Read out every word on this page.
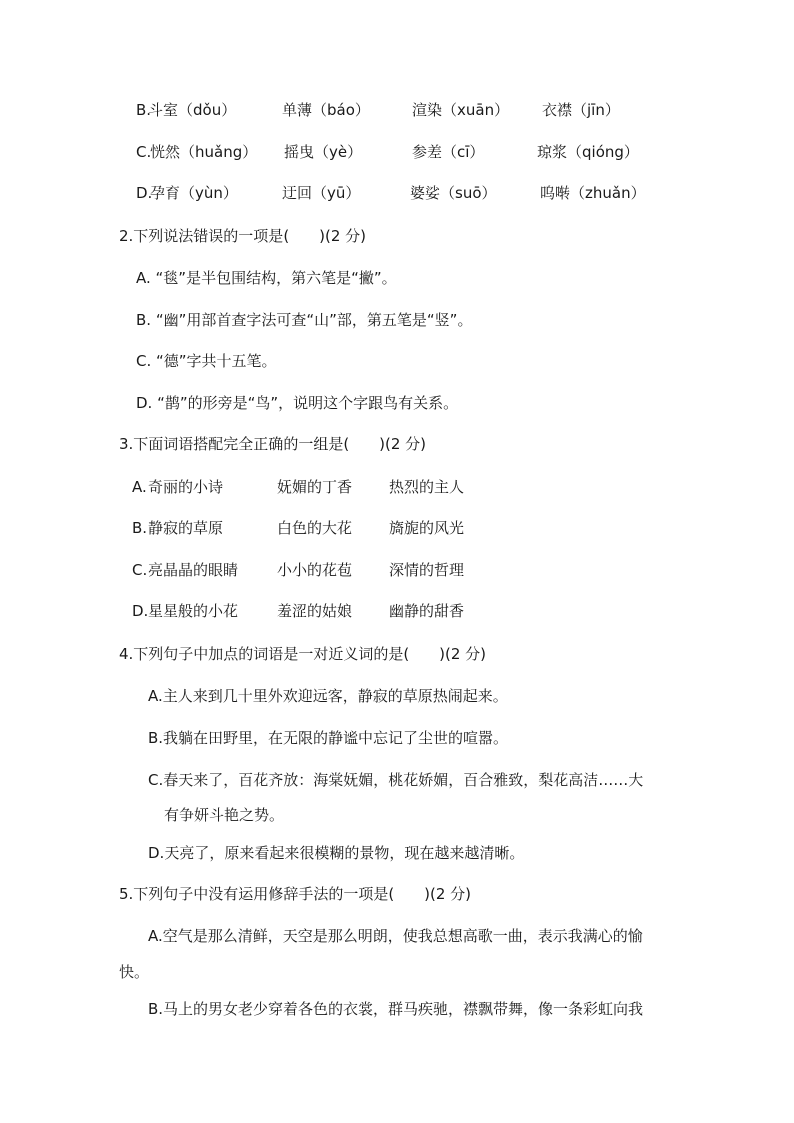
B.
斗室（dǒu）	单薄（báo）	渲染（xuān） 衣襟（jīn）
C.
恍然（huǎng） 摇曳（yè）	参差（cī）	琼浆（qióng）
D.
孕育（yùn）	迂回（yū）	婆娑（suō）	呜啭（zhuǎn）
2.下列说法错误的一项是(　　)(2 分)
A. “毯”是半包围结构，第六笔是“撇”。
B. “幽”用部首查字法可查“山”部，第五笔是“竖”。
C. “德”字共十五笔。
D. “鹊”的形旁是“鸟”，说明这个字跟鸟有关系。
3.下面词语搭配完全正确的一组是(　　)(2 分)
A. 奇丽的小诗	妩媚的丁香 热烈的主人
B. 静寂的草原	白色的大花 旖旎的风光
C. 亮晶晶的眼睛	小小的花苞 深情的哲理
D. 星星般的小花	羞涩的姑娘 幽静的甜香
4.下列句子中加点的词语是一对近义词的是(　　)(2 分)
A.主人来到几十里外欢迎远客，静寂的草原热闹起来。
B.我躺在田野里，在无限的静谧中忘记了尘世的喧嚣。
C.春天来了，百花齐放：海棠妩媚，桃花娇媚，百合雅致，梨花高洁……大
有争妍斗艳之势。
D.天亮了，原来看起来很模糊的景物，现在越来越清晰。
5.下列句子中没有运用修辞手法的一项是(　　)(2 分)
A.空气是那么清鲜，天空是那么明朗，使我总想高歌一曲，表示我满心的愉
快。
B.马上的男女老少穿着各色的衣裳，群马疾驰，襟飘带舞，像一条彩虹向我
